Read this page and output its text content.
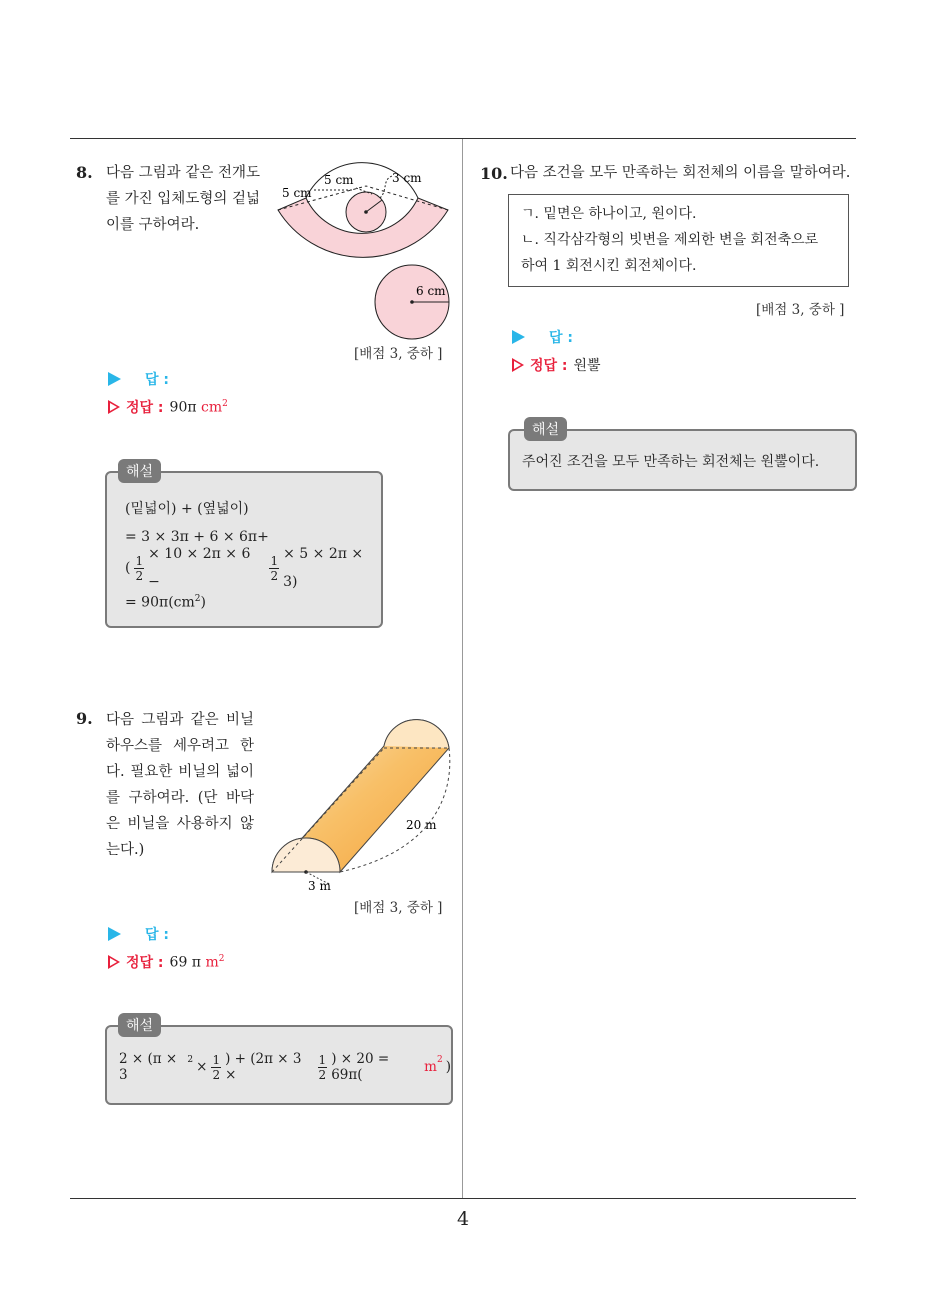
8. 다음 그림과 같은 전개도를 가진 입체도형의 겉넓이를 구하여라.
5 cm	3 cm
5 cm
6 cm
[배점 3, 중하 ]
답 :
정답 : 90π $cm^2$
(밑넓이) + (옆넓이)
= 3 × 3π + 6 × 6π+
( $\frac{1}{2} \times 10 \times 2\pi \times 6$ −	$\frac{1}{2} \times 5 \times 2\pi \times 3$)
= $90\pi(cm^2)$
해설
9. 다음 그림과 같은 비닐하우스를 세우려고 한다. 필요한 비닐의 넓이를 구하여라. (단 바닥은 비닐을 사용하지 않는다.)
20 m
3 m
[배점 3, 중하 ]
답 :
정답 : 69 π $m^2$
2 × (π × 3
$^2 \times \frac{1}{2}$ ) + (2π × 3 ×	$\frac{1}{2}$ ) × 20 = 69π(	$m^2$ )
해설
10. 다음 조건을 모두 만족하는 회전체의 이름을 말하여라.
ㄱ. 밑면은 하나이고, 원이다.
ㄴ. 직각삼각형의 빗변을 제외한 변을 회전축으로
하여 1 회전시킨 회전체이다.
[배점 3, 중하 ]
답 :
정답 : 원뿔
주어진 조건을 모두 만족하는 회전체는 원뿔이다.
해설
4
